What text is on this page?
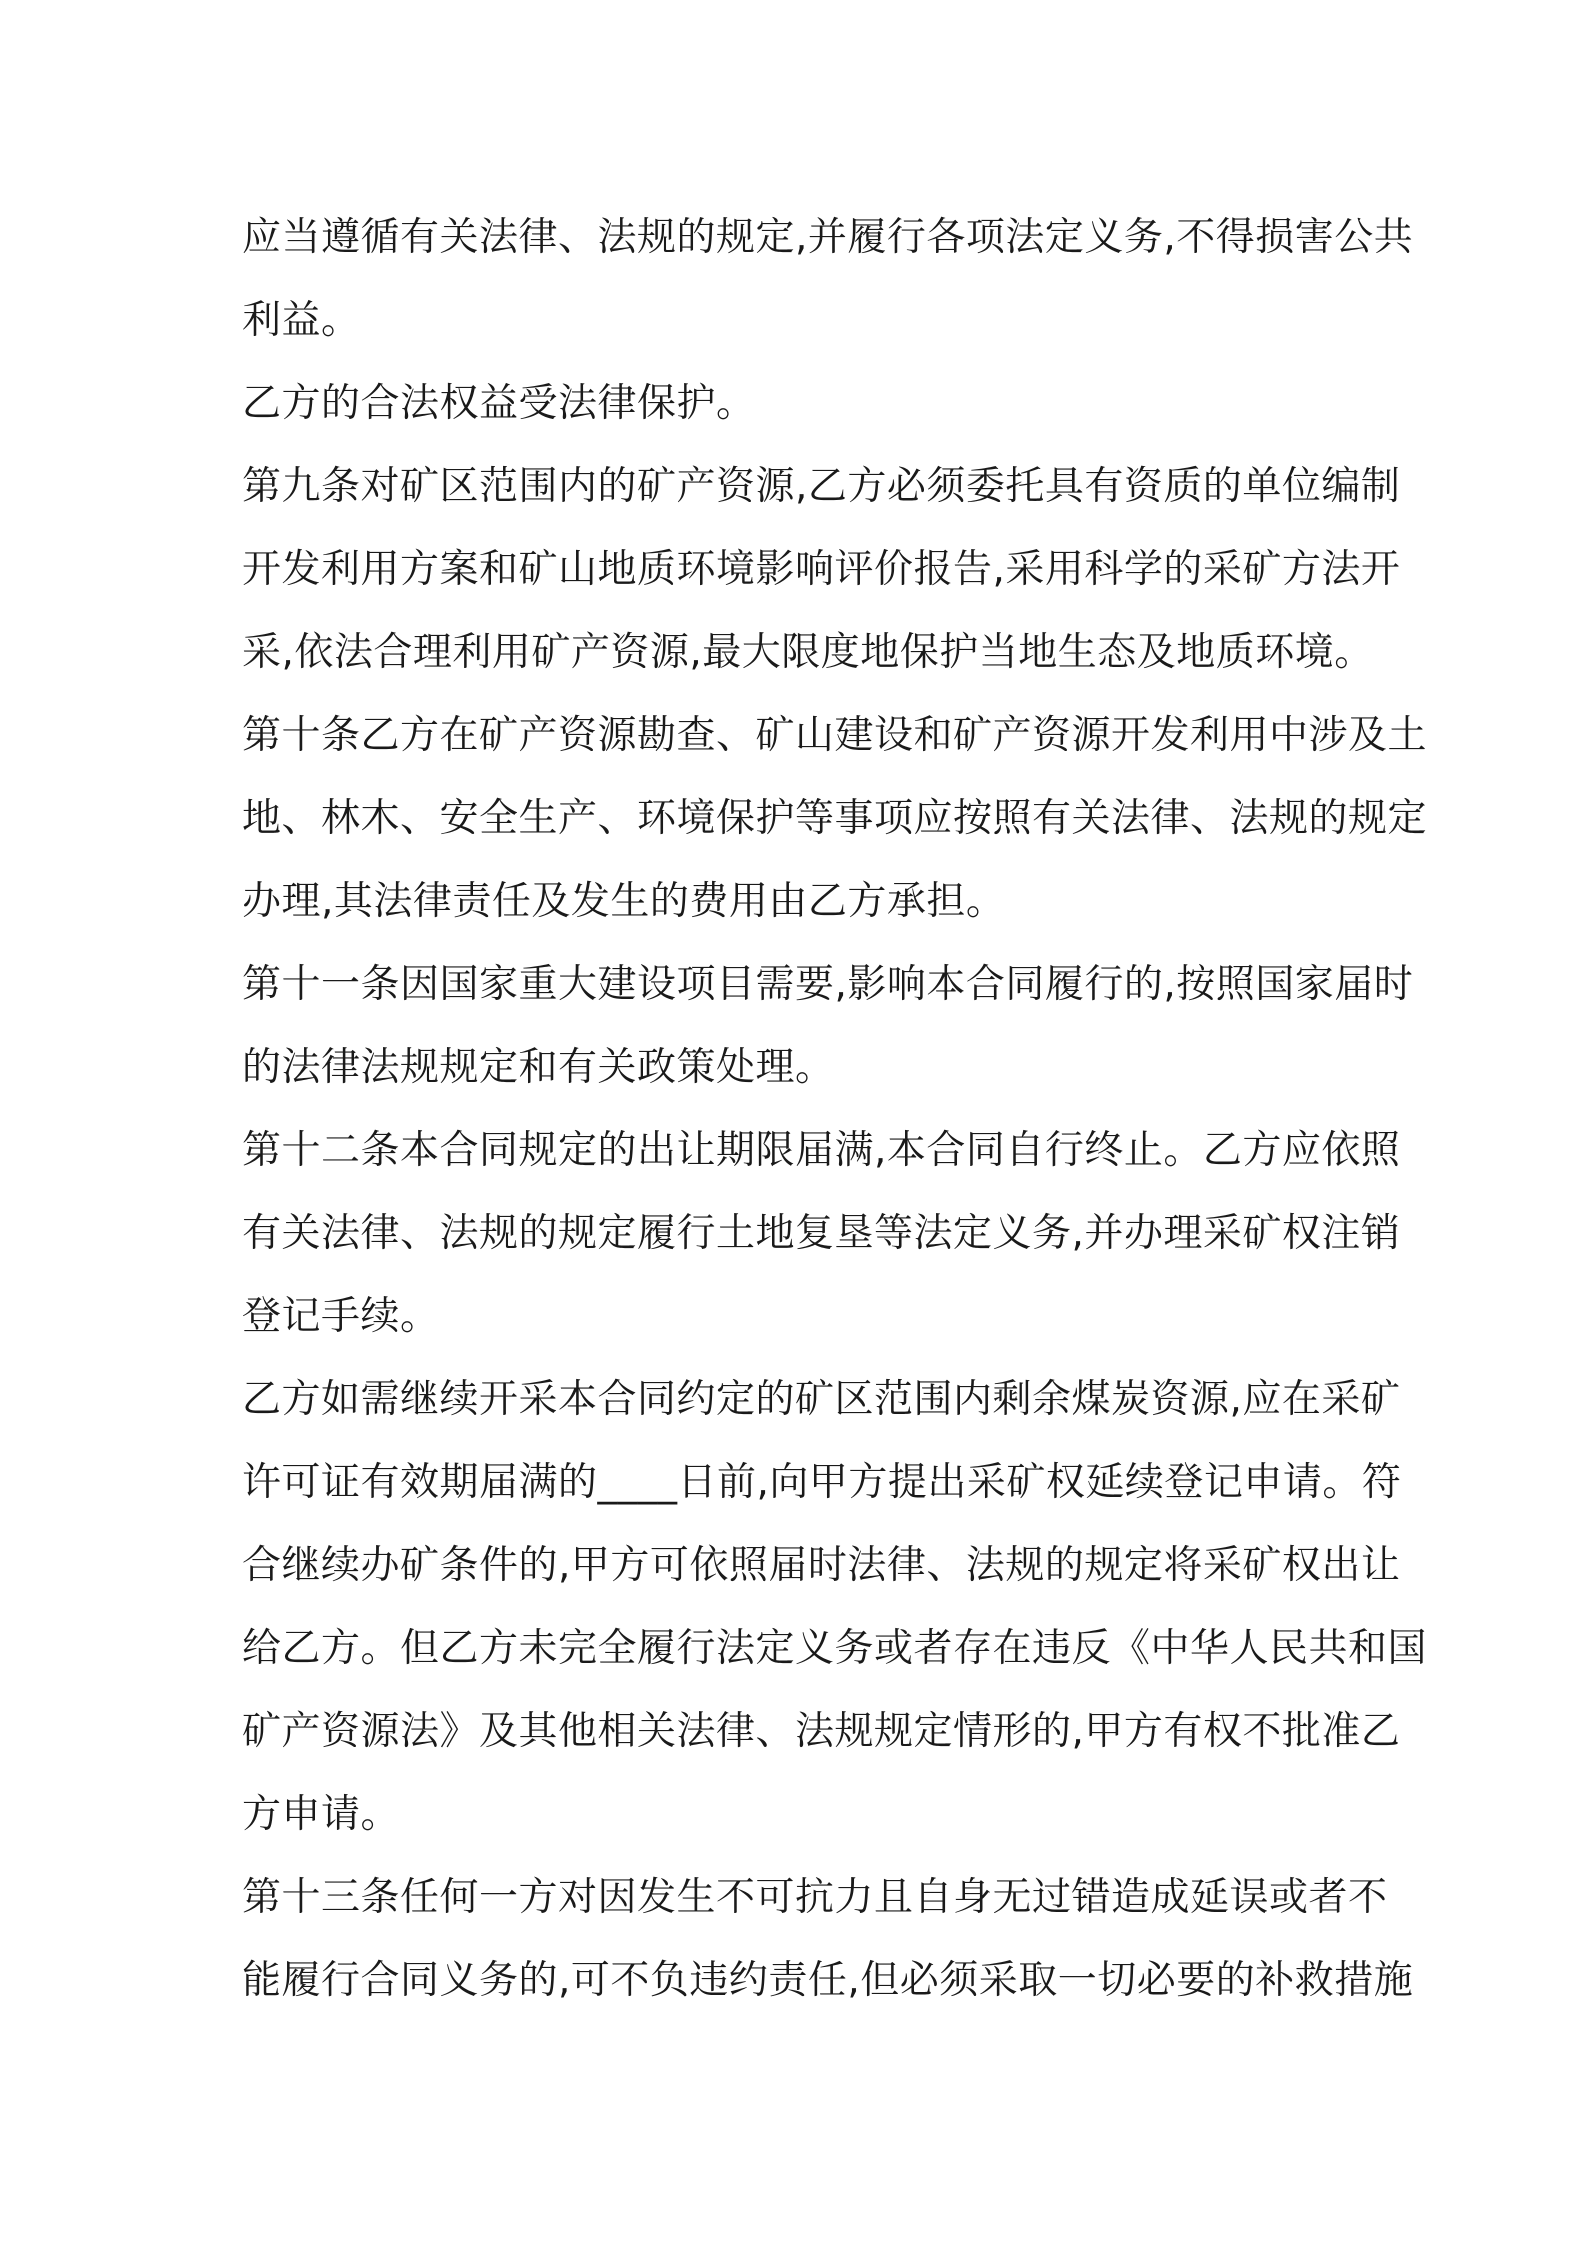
应当遵循有关法律、法规的规定,并履行各项法定义务,不得损害公共
利益。
乙方的合法权益受法律保护。
第九条对矿区范围内的矿产资源,乙方必须委托具有资质的单位编制
开发利用方案和矿山地质环境影响评价报告,采用科学的采矿方法开
采,依法合理利用矿产资源,最大限度地保护当地生态及地质环境。
第十条乙方在矿产资源勘查、矿山建设和矿产资源开发利用中涉及土
地、林木、安全生产、环境保护等事项应按照有关法律、法规的规定
办理,其法律责任及发生的费用由乙方承担。
第十一条因国家重大建设项目需要,影响本合同履行的,按照国家届时
的法律法规规定和有关政策处理。
第十二条本合同规定的出让期限届满,本合同自行终止。乙方应依照
有关法律、法规的规定履行土地复垦等法定义务,并办理采矿权注销
登记手续。
乙方如需继续开采本合同约定的矿区范围内剩余煤炭资源,应在采矿
许可证有效期届满的____日前,向甲方提出采矿权延续登记申请。符
合继续办矿条件的,甲方可依照届时法律、法规的规定将采矿权出让
给乙方。但乙方未完全履行法定义务或者存在违反《中华人民共和国
矿产资源法》及其他相关法律、法规规定情形的,甲方有权不批准乙
方申请。
第十三条任何一方对因发生不可抗力且自身无过错造成延误或者不
能履行合同义务的,可不负违约责任,但必须采取一切必要的补救措施
